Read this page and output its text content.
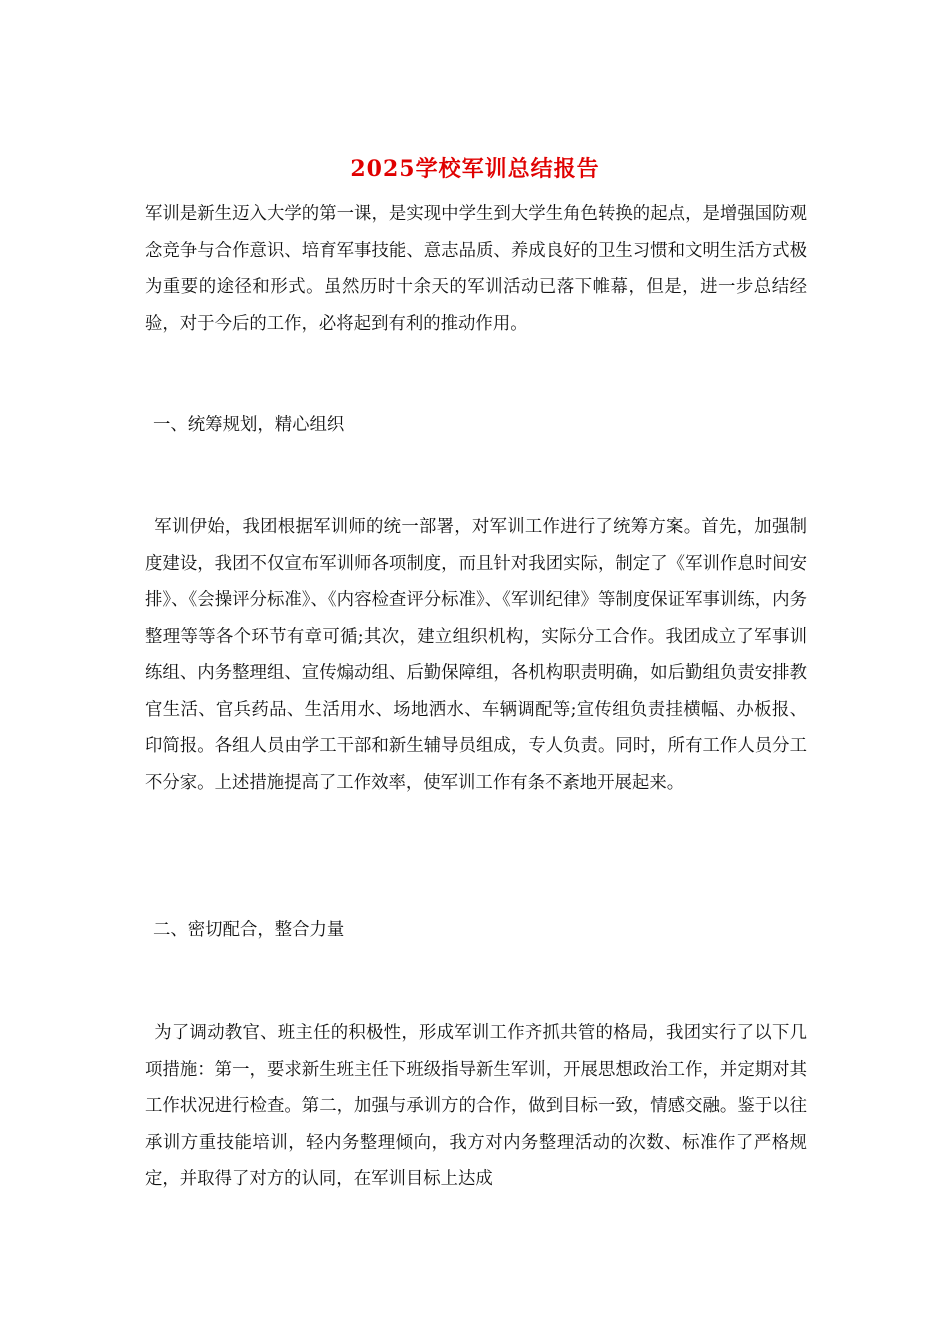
2025学校军训总结报告

军训是新生迈入大学的第一课，是实现中学生到大学生角色转换的起点，是增强国防观念竞争与合作意识、培育军事技能、意志品质、养成良好的卫生习惯和文明生活方式极为重要的途径和形式。虽然历时十余天的军训活动已落下帷幕，但是，进一步总结经验，对于今后的工作，必将起到有利的推动作用。

一、统筹规划，精心组织

军训伊始，我团根据军训师的统一部署，对军训工作进行了统筹方案。首先，加强制度建设，我团不仅宣布军训师各项制度，而且针对我团实际，制定了《军训作息时间安排》、《会操评分标准》、《内容检查评分标准》、《军训纪律》等制度保证军事训练，内务整理等等各个环节有章可循;其次，建立组织机构，实际分工合作。我团成立了军事训练组、内务整理组、宣传煽动组、后勤保障组，各机构职责明确，如后勤组负责安排教官生活、官兵药品、生活用水、场地洒水、车辆调配等;宣传组负责挂横幅、办板报、印简报。各组人员由学工干部和新生辅导员组成，专人负责。同时，所有工作人员分工不分家。上述措施提高了工作效率，使军训工作有条不紊地开展起来。

二、密切配合，整合力量

为了调动教官、班主任的积极性，形成军训工作齐抓共管的格局，我团实行了以下几项措施：第一，要求新生班主任下班级指导新生军训，开展思想政治工作，并定期对其工作状况进行检查。第二，加强与承训方的合作，做到目标一致，情感交融。鉴于以往承训方重技能培训，轻内务整理倾向，我方对内务整理活动的次数、标准作了严格规定，并取得了对方的认同，在军训目标上达成
